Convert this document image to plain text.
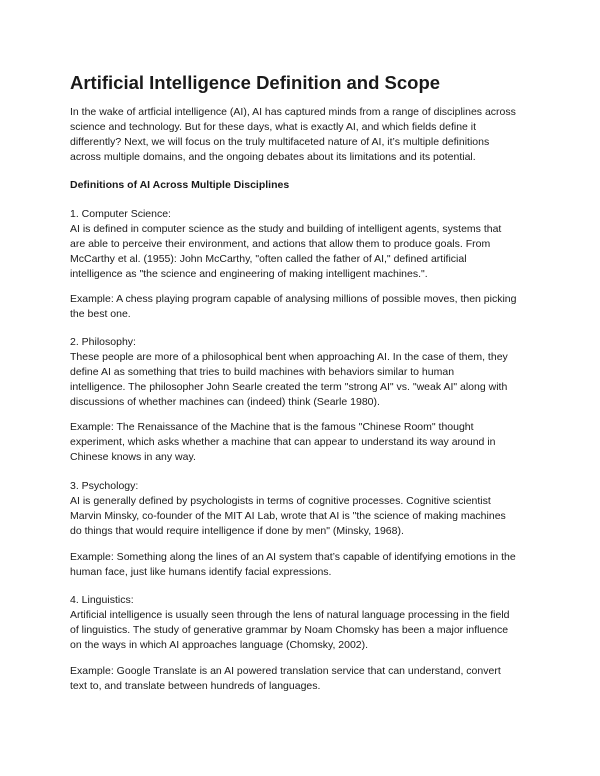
Artificial Intelligence Definition and Scope

In the wake of artficial intelligence (AI), AI has captured minds from a range of disciplines across
science and technology. But for these days, what is exactly AI, and which fields define it
differently? Next, we will focus on the truly multifaceted nature of AI, it’s multiple definitions
across multiple domains, and the ongoing debates about its limitations and its potential.

Definitions of AI Across Multiple Disciplines

1. Computer Science:
AI is defined in computer science as the study and building of intelligent agents, systems that
are able to perceive their environment, and actions that allow them to produce goals. From
McCarthy et al. (1955): John McCarthy, "often called the father of AI," defined artificial
intelligence as "the science and engineering of making intelligent machines.".

Example: A chess playing program capable of analysing millions of possible moves, then picking
the best one.

2. Philosophy:
These people are more of a philosophical bent when approaching AI. In the case of them, they
define AI as something that tries to build machines with behaviors similar to human
intelligence. The philosopher John Searle created the term "strong AI" vs. "weak AI" along with
discussions of whether machines can (indeed) think (Searle 1980).

Example: The Renaissance of the Machine that is the famous "Chinese Room" thought
experiment, which asks whether a machine that can appear to understand its way around in
Chinese knows in any way.

3. Psychology:
AI is generally defined by psychologists in terms of cognitive processes. Cognitive scientist
Marvin Minsky, co-founder of the MIT AI Lab, wrote that AI is "the science of making machines
do things that would require intelligence if done by men" (Minsky, 1968).

Example: Something along the lines of an AI system that’s capable of identifying emotions in the
human face, just like humans identify facial expressions.

4. Linguistics:
Artificial intelligence is usually seen through the lens of natural language processing in the field
of linguistics. The study of generative grammar by Noam Chomsky has been a major influence
on the ways in which AI approaches language (Chomsky, 2002).

Example: Google Translate is an AI powered translation service that can understand, convert
text to, and translate between hundreds of languages.
